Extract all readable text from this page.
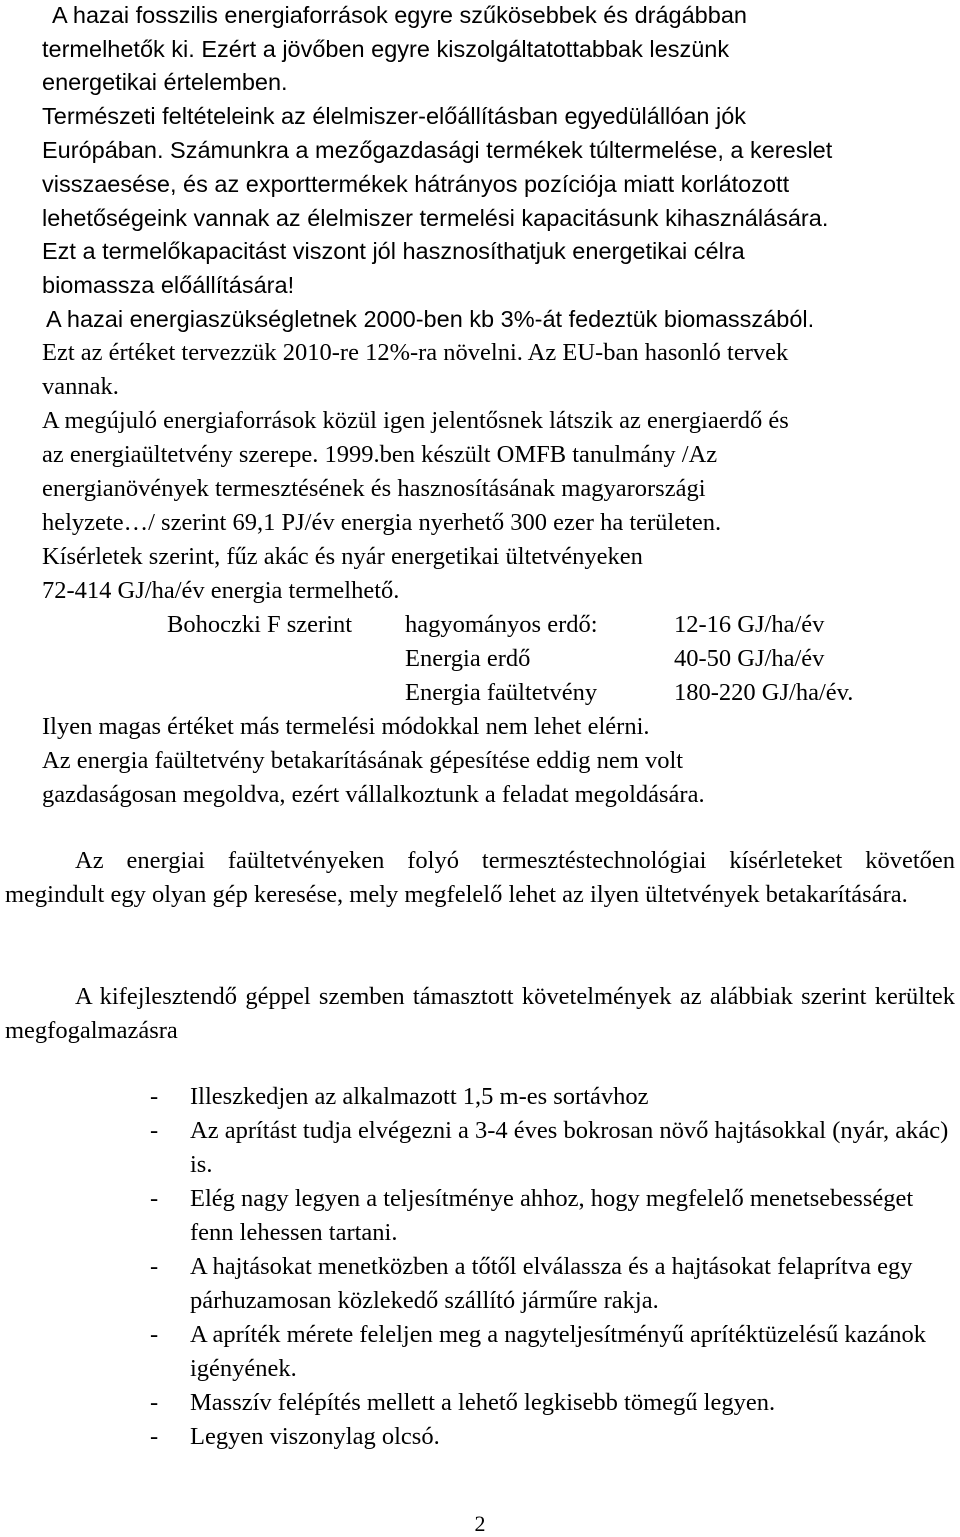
A hazai fosszilis energiaforrások egyre szűkösebbek és drágábban
termelhetők ki. Ezért a jövőben egyre kiszolgáltatottabbak leszünk
energetikai értelemben.
Természeti feltételeink az élelmiszer-előállításban egyedülállóan jók
Európában. Számunkra a mezőgazdasági termékek túltermelése, a kereslet
visszaesése, és az exporttermékek hátrányos pozíciója miatt korlátozott
lehetőségeink vannak az élelmiszer termelési kapacitásunk kihasználására.
Ezt a termelőkapacitást viszont jól hasznosíthatjuk energetikai célra
biomassza előállítására!
A hazai energiaszükségletnek 2000-ben kb 3%-át fedeztük biomasszából.
Ezt az értéket tervezzük 2010-re 12%-ra növelni. Az EU-ban hasonló tervek
vannak.
A megújuló energiaforrások közül igen jelentősnek látszik az energiaerdő és
az energiaültetvény szerepe. 1999.ben készült OMFB tanulmány /Az
energianövények termesztésének és hasznosításának magyarországi
helyzete…/ szerint 69,1 PJ/év energia nyerhető 300 ezer ha területen.
Kísérletek szerint, fűz akác és nyár energetikai ültetvényeken
72-414 GJ/ha/év energia termelhető.
Bohoczki F szerint hagyományos erdő:	12-16 GJ/ha/év
Energia erdő	40-50 GJ/ha/év
Energia faültetvény	180-220 GJ/ha/év.
Ilyen magas értéket más termelési módokkal nem lehet elérni.
Az energia faültetvény betakarításának gépesítése eddig nem volt
gazdaságosan megoldva, ezért vállalkoztunk a feladat megoldására.
Az energiai faültetvényeken folyó termesztéstechnológiai kísérleteket követően megindult egy olyan gép keresése, mely megfelelő lehet az ilyen ültetvények betakarítására.
A kifejlesztendő géppel szemben támasztott követelmények az alábbiak szerint kerültek megfogalmazásra
- Illeszkedjen az alkalmazott 1,5 m-es sortávhoz
- Az aprítást tudja elvégezni a 3-4 éves bokrosan növő hajtásokkal (nyár, akác) is.
- Elég nagy legyen a teljesítménye ahhoz, hogy megfelelő menetsebességet fenn lehessen tartani.
- A hajtásokat menetközben a tőtől elválassza és a hajtásokat felaprítva egy párhuzamosan közlekedő szállító járműre rakja.
- A apríték mérete feleljen meg a nagyteljesítményű aprítéktüzelésű kazánok igényének.
- Masszív felépítés mellett a lehető legkisebb tömegű legyen.
- Legyen viszonylag olcsó.
2
